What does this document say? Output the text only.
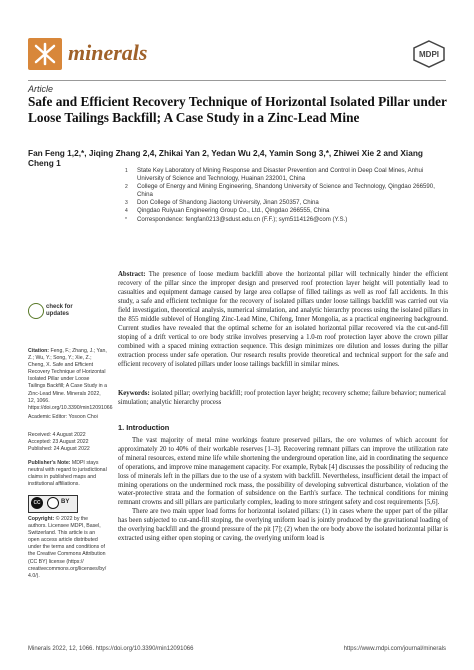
minerals	MDPI
Article
Safe and Efficient Recovery Technique of Horizontal Isolated Pillar under Loose Tailings Backfill; A Case Study in a Zinc-Lead Mine
Fan Feng 1,2,*, Jiqing Zhang 2,4, Zhikai Yan 2, Yedan Wu 2,4, Yamin Song 3,*, Zhiwei Xie 2 and Xiang Cheng 1
1	State Key Laboratory of Mining Response and Disaster Prevention and Control in Deep Coal Mines, Anhui University of Science and Technology, Huainan 232001, China
2	College of Energy and Mining Engineering, Shandong University of Science and Technology, Qingdao 266590, China
3	Don College of Shandong Jiaotong University, Jinan 250357, China
4	Qingdao Ruiyuan Engineering Group Co., Ltd., Qingdao 266555, China
*	Correspondence: fengfan0213@sdust.edu.cn (F.F.); sym5114126@com (Y.S.)
check for updates
Citation: Feng, F.; Zhang, J.; Yan, Z.; Wu, Y.; Song, Y.; Xie, Z.; Cheng, X. Safe and Efficient Recovery Technique of Horizontal Isolated Pillar under Loose Tailings Backfill; A Case Study in a Zinc-Lead Mine. Minerals 2022, 12, 1066. https://doi.org/10.3390/min12091066
Academic Editor: Yosoon Choi
Received: 4 August 2022
Accepted: 23 August 2022
Published: 24 August 2022
Publisher's Note: MDPI stays neutral with regard to jurisdictional claims in published maps and institutional affiliations.
cc	BY
Copyright: © 2022 by the authors. Licensee MDPI, Basel, Switzerland. This article is an open access article distributed under the terms and conditions of the Creative Commons Attribution (CC BY) license (https:// creativecommons.org/licenses/by/ 4.0/).
Abstract: The presence of loose medium backfill above the horizontal pillar will technically hinder the efficient recovery of the pillar since the improper design and preserved roof protection layer height will potentially lead to casualties and equipment damage caused by large area collapse of filled tailings as well as roof fall accidents. In this study, a safe and efficient technique for the recovery of isolated pillars under loose tailings backfill was carried out via field investigation, theoretical analysis, numerical simulation, and analytic hierarchy process using the isolated pillars in the 855 middle sublevel of Hongling Zinc-Lead Mine, Chifeng, Inner Mongolia, as a practical engineering background. Current studies have revealed that the optimal scheme for an isolated horizontal pillar recovered via the cut-and-fill stoping of a drift vertical to ore body strike involves preserving a 1.0-m roof protection layer above the crown pillar combined with a spaced mining extraction sequence. This design minimizes ore dilution and losses during the pillar extraction process under safe operation. Our research results provide theoretical and technical support for the safe and efficient recovery of isolated pillars under loose tailings backfill in similar mines.
Keywords: isolated pillar; overlying backfill; roof protection layer height; recovery scheme; failure behavior; numerical simulation; analytic hierarchy process
1. Introduction

The vast majority of metal mine workings feature preserved pillars, the ore volumes of which account for approximately 20 to 40% of their workable reserves [1–3]. Recovering remnant pillars can improve the utilization rate of mineral resources, extend mine life while shortening the underground operation line, aid in coordinating the sequence of operations, and improve mine management capacity. For example, Rybak [4] discusses the possibility of reducing the loss of minerals left in the pillars due to the use of a system with backfill. Nevertheless, insufficient detail the impact of mining operations on the undermined rock mass, the possibility of developing subvertical disturbance, violation of the water-protective strata and the formation of subsidence on the Earth's surface. The technical conditions for mining remnant crowns and sill pillars are particularly complex, leading to more stringent safety and cost requirements [5,6].

There are two main upper load forms for horizontal isolated pillars: (1) in cases where the upper part of the pillar has been subjected to cut-and-fill stoping, the overlying uniform load is jointly produced by the gravitational loading of the overlying backfill and the ground pressure of the pit [7]; (2) when the ore body above the isolated horizontal pillar is extracted using either open stoping or caving, the overlying uniform load is

Minerals 2022, 12, 1066. https://doi.org/10.3390/min12091066	https://www.mdpi.com/journal/minerals
